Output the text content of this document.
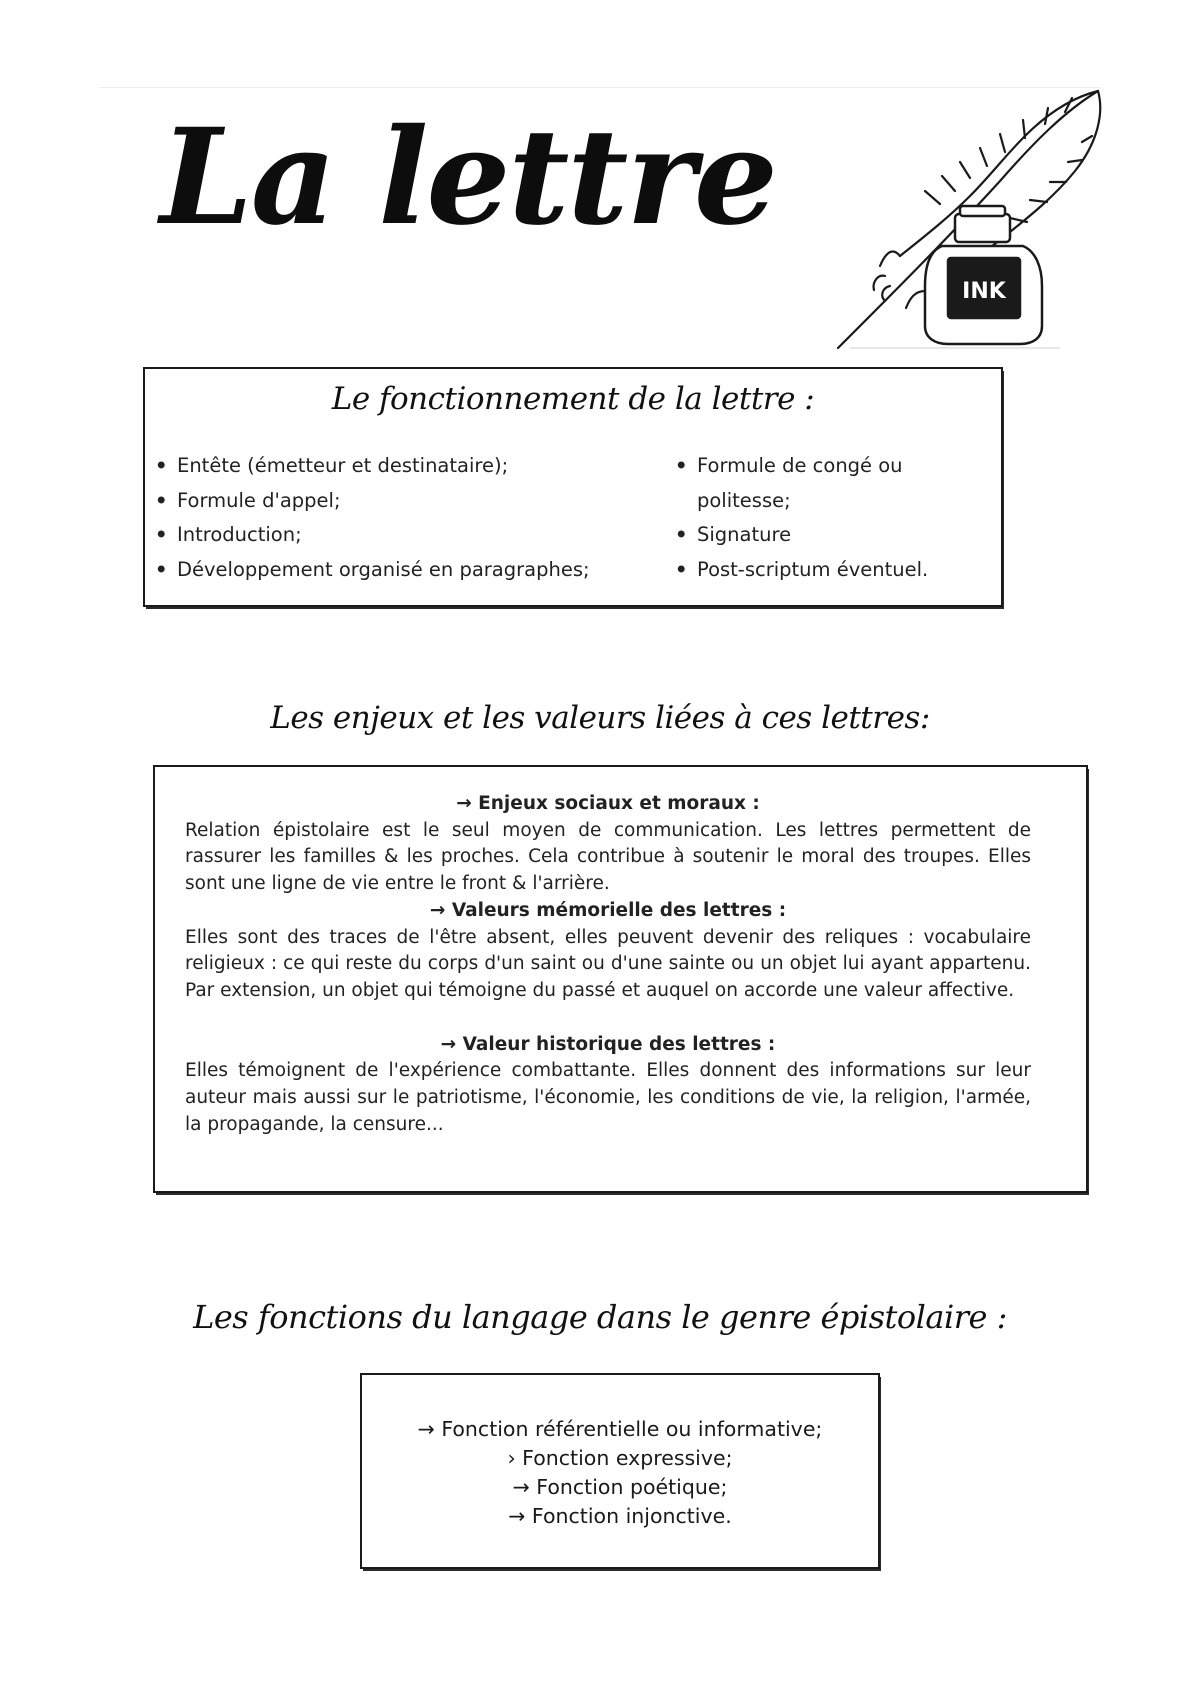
La lettre
INK
Le fonctionnement de la lettre :
• Entête (émetteur et destinataire);
• Formule d'appel;
• Introduction;
• Développement organisé en paragraphes;
• Formule de congé ou
politesse;
• Signature
• Post-scriptum éventuel.
Les enjeux et les valeurs liées à ces lettres:

→ Enjeux sociaux et moraux :

Relation épistolaire est le seul moyen de communication. Les lettres permettent de rassurer les familles & les proches. Cela contribue à soutenir le moral des troupes. Elles sont une ligne de vie entre le front & l'arrière.

→ Valeurs mémorielle des lettres :

Elles sont des traces de l'être absent, elles peuvent devenir des reliques : vocabulaire religieux : ce qui reste du corps d'un saint ou d'une sainte ou un objet lui ayant appartenu. Par extension, un objet qui témoigne du passé et auquel on accorde une valeur affective.

→ Valeur historique des lettres :

Elles témoignent de l'expérience combattante. Elles donnent des informations sur leur auteur mais aussi sur le patriotisme, l'économie, les conditions de vie, la religion, l'armée, la propagande, la censure...

Les fonctions du langage dans le genre épistolaire :
→ Fonction référentielle ou informative;
› Fonction expressive;
→ Fonction poétique;
→ Fonction injonctive.
